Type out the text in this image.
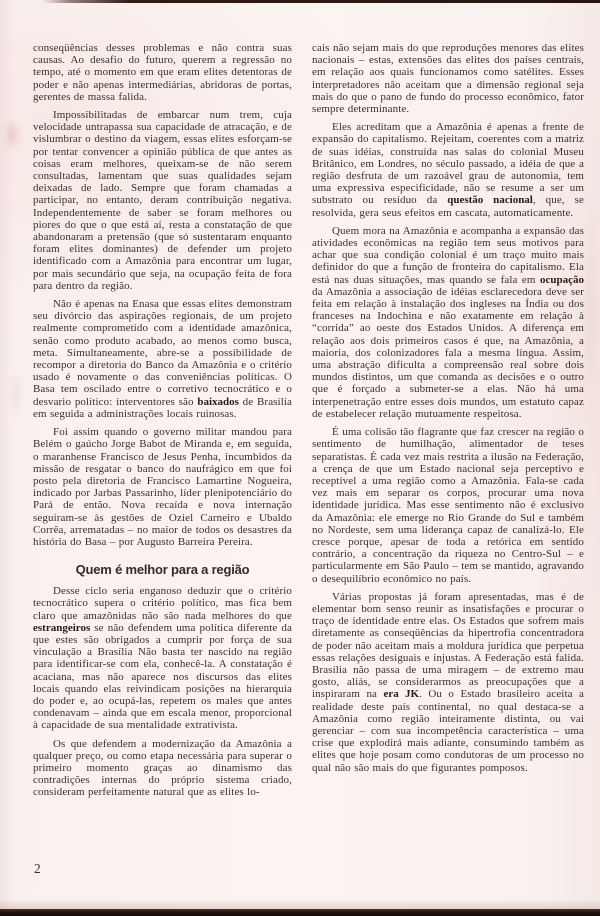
conseqüências desses problemas e não contra suas causas. Ao desafio do futuro, querem a regressão no tempo, até o momento em que eram elites detentoras de poder e não apenas intermediárias, abridoras de portas, gerentes de massa falida.

Impossibilitadas de embarcar num trem, cuja velocidade untrapassa sua capacidade de atracação, e de vislumbrar o destino da viagem, essas elites esforçam-se por tentar convencer a opinião pública de que antes as coisas eram melhores, queixam-se de não serem consultadas, lamentam que suas qualidades sejam deixadas de lado. Sempre que foram chamadas a participar, no entanto, deram contribuição negativa. Independentemente de saber se foram melhores ou piores do que o que está aí, resta a constatação de que abandonaram a pretensão (que só sustentaram enquanto foram elites dominantes) de defender um projeto identificado com a Amazônia para encontrar um lugar, por mais secundário que seja, na ocupação feita de fora para dentro da região.

Não é apenas na Enasa que essas elites demonstram seu divórcio das aspirações regionais, de um projeto realmente comprometido com a identidade amazônica, senão como produto acabado, ao menos como busca, meta. Simultaneamente, abre-se a possibilidade de recompor a diretoria do Banco da Amazônia e o critério usado é novamente o das conveniências políticas. O Basa tem oscilado entre o corretivo tecnocrático e o desvario político: interventores são baixados de Brasília em seguida a administrações locais ruinosas.

Foi assim quando o governo militar mandou para Belém o gaúcho Jorge Babot de Miranda e, em seguida, o maranhense Francisco de Jesus Penha, incumbidos da missão de resgatar o banco do naufrágico em que foi posto pela diretoria de Francisco Lamartine Nogueira, indicado por Jarbas Passarinho, líder plenipotenciário do Pará de então. Nova recaída e nova internação seguiram-se às gestões de Oziel Carneiro e Ubaldo Corrêa, arrematadas – no maior de todos os desastres da história do Basa – por Augusto Barreira Pereira.

Quem é melhor para a região

Desse ciclo seria enganoso deduzir que o critério tecnocrático supera o critério político, mas fica bem claro que amazônidas não são nada melhores do que estrangeiros se não defendem uma política diferente da que estes são obrigados a cumprir por força de sua vinculação a Brasília Não basta ter nascido na região para identificar-se com ela, conhecê-la. A constatação é acaciana, mas não aparece nos discursos das elites locais quando elas reivindicam posições na hierarquia do poder e, ao ocupá-las, repetem os males que antes condenavam – ainda que em escala menor, proporcional à capacidade de sua mentalidade extrativista.

Os que defendem a modernização da Amazônia a qualquer preço, ou como etapa necessária para superar o primeiro momento graças ao dinamismo das contradições internas do próprio sistema criado, consideram perfeitamente natural que as elites lo-

cais não sejam mais do que reproduções menores das elites nacionais – estas, extensões das elites dos países centrais, em relação aos quais funcionamos como satélites. Esses interpretadores não aceitam que a dimensão regional seja mais do que o pano de fundo do processo econômico, fator sempre determinante.

Eles acreditam que a Amazônia é apenas a frente de expansão do capitalismo. Rejeitam, coerentes com a matriz de suas idéias, construída nas salas do colonial Museu Britânico, em Londres, no século passado, a idéia de que a região desfruta de um razoável grau de autonomia, tem uma expressiva especificidade, não se resume a ser um substrato ou resíduo da questão nacional, que, se resolvida, gera seus efeitos em cascata, automaticamente.

Quem mora na Amazônia e acompanha a expansão das atividades econômicas na região tem seus motivos para achar que sua condição colonial é um traço muito mais definidor do que a função de fronteira do capitalismo. Ela está nas duas situações, mas quando se fala em ocupação da Amazônia a associação de idéias esclarecedora deve ser feita em relação à instalação dos ingleses na Índia ou dos franceses na Indochina e não exatamente em relação à “corrida” ao oeste dos Estados Unidos. A diferença em relação aos dois primeiros casos é que, na Amazônia, a maioria, dos colonizadores fala a mesma língua. Assim, uma abstração dificulta a compreensão real sobre dois mundos distintos, um que comanda as decisões e o outro que é forçado a submeter-se a elas. Não há uma interpenetração entre esses dois mundos, um estatuto capaz de estabelecer relação mutuamente respeitosa.

É uma colisão tão flagrante que faz crescer na região o sentimento de humilhação, alimentador de teses separatistas. É cada vez mais restrita a ilusão na Federação, a crença de que um Estado nacional seja perceptivo e receptível a uma região como a Amazônia. Fala-se cada vez mais em separar os corpos, procurar uma nova identidade jurídica. Mas esse sentimento não é exclusivo da Amazônia: ele emerge no Rio Grande do Sul e também no Nordeste, sem uma liderança capaz de canalizá-lo. Ele cresce porque, apesar de toda a retórica em sentido contrário, a concentração da riqueza no Centro-Sul – e particularmente em São Paulo – tem se mantido, agravando o desequilíbrio econômico no país.

Várias propostas já foram apresentadas, mas é de elementar bom senso reunir as insatisfações e procurar o traço de identidade entre elas. Os Estados que sofrem mais diretamente as conseqüências da hipertrofia concentradora de poder não aceitam mais a moldura jurídica que perpetua essas relações desiguais e injustas. A Federação está falida. Brasília não passa de uma miragem – de extremo mau gosto, aliás, se considerarmos as preocupações que a inspiraram na era JK. Ou o Estado brasileiro aceita a realidade deste país continental, no qual destaca-se a Amazônia como região inteiramente distinta, ou vai gerenciar – com sua incompetência característica – uma crise que explodirá mais adiante, consumindo também as elites que hoje posam como condutoras de um processo no qual não são mais do que figurantes pomposos.

2
